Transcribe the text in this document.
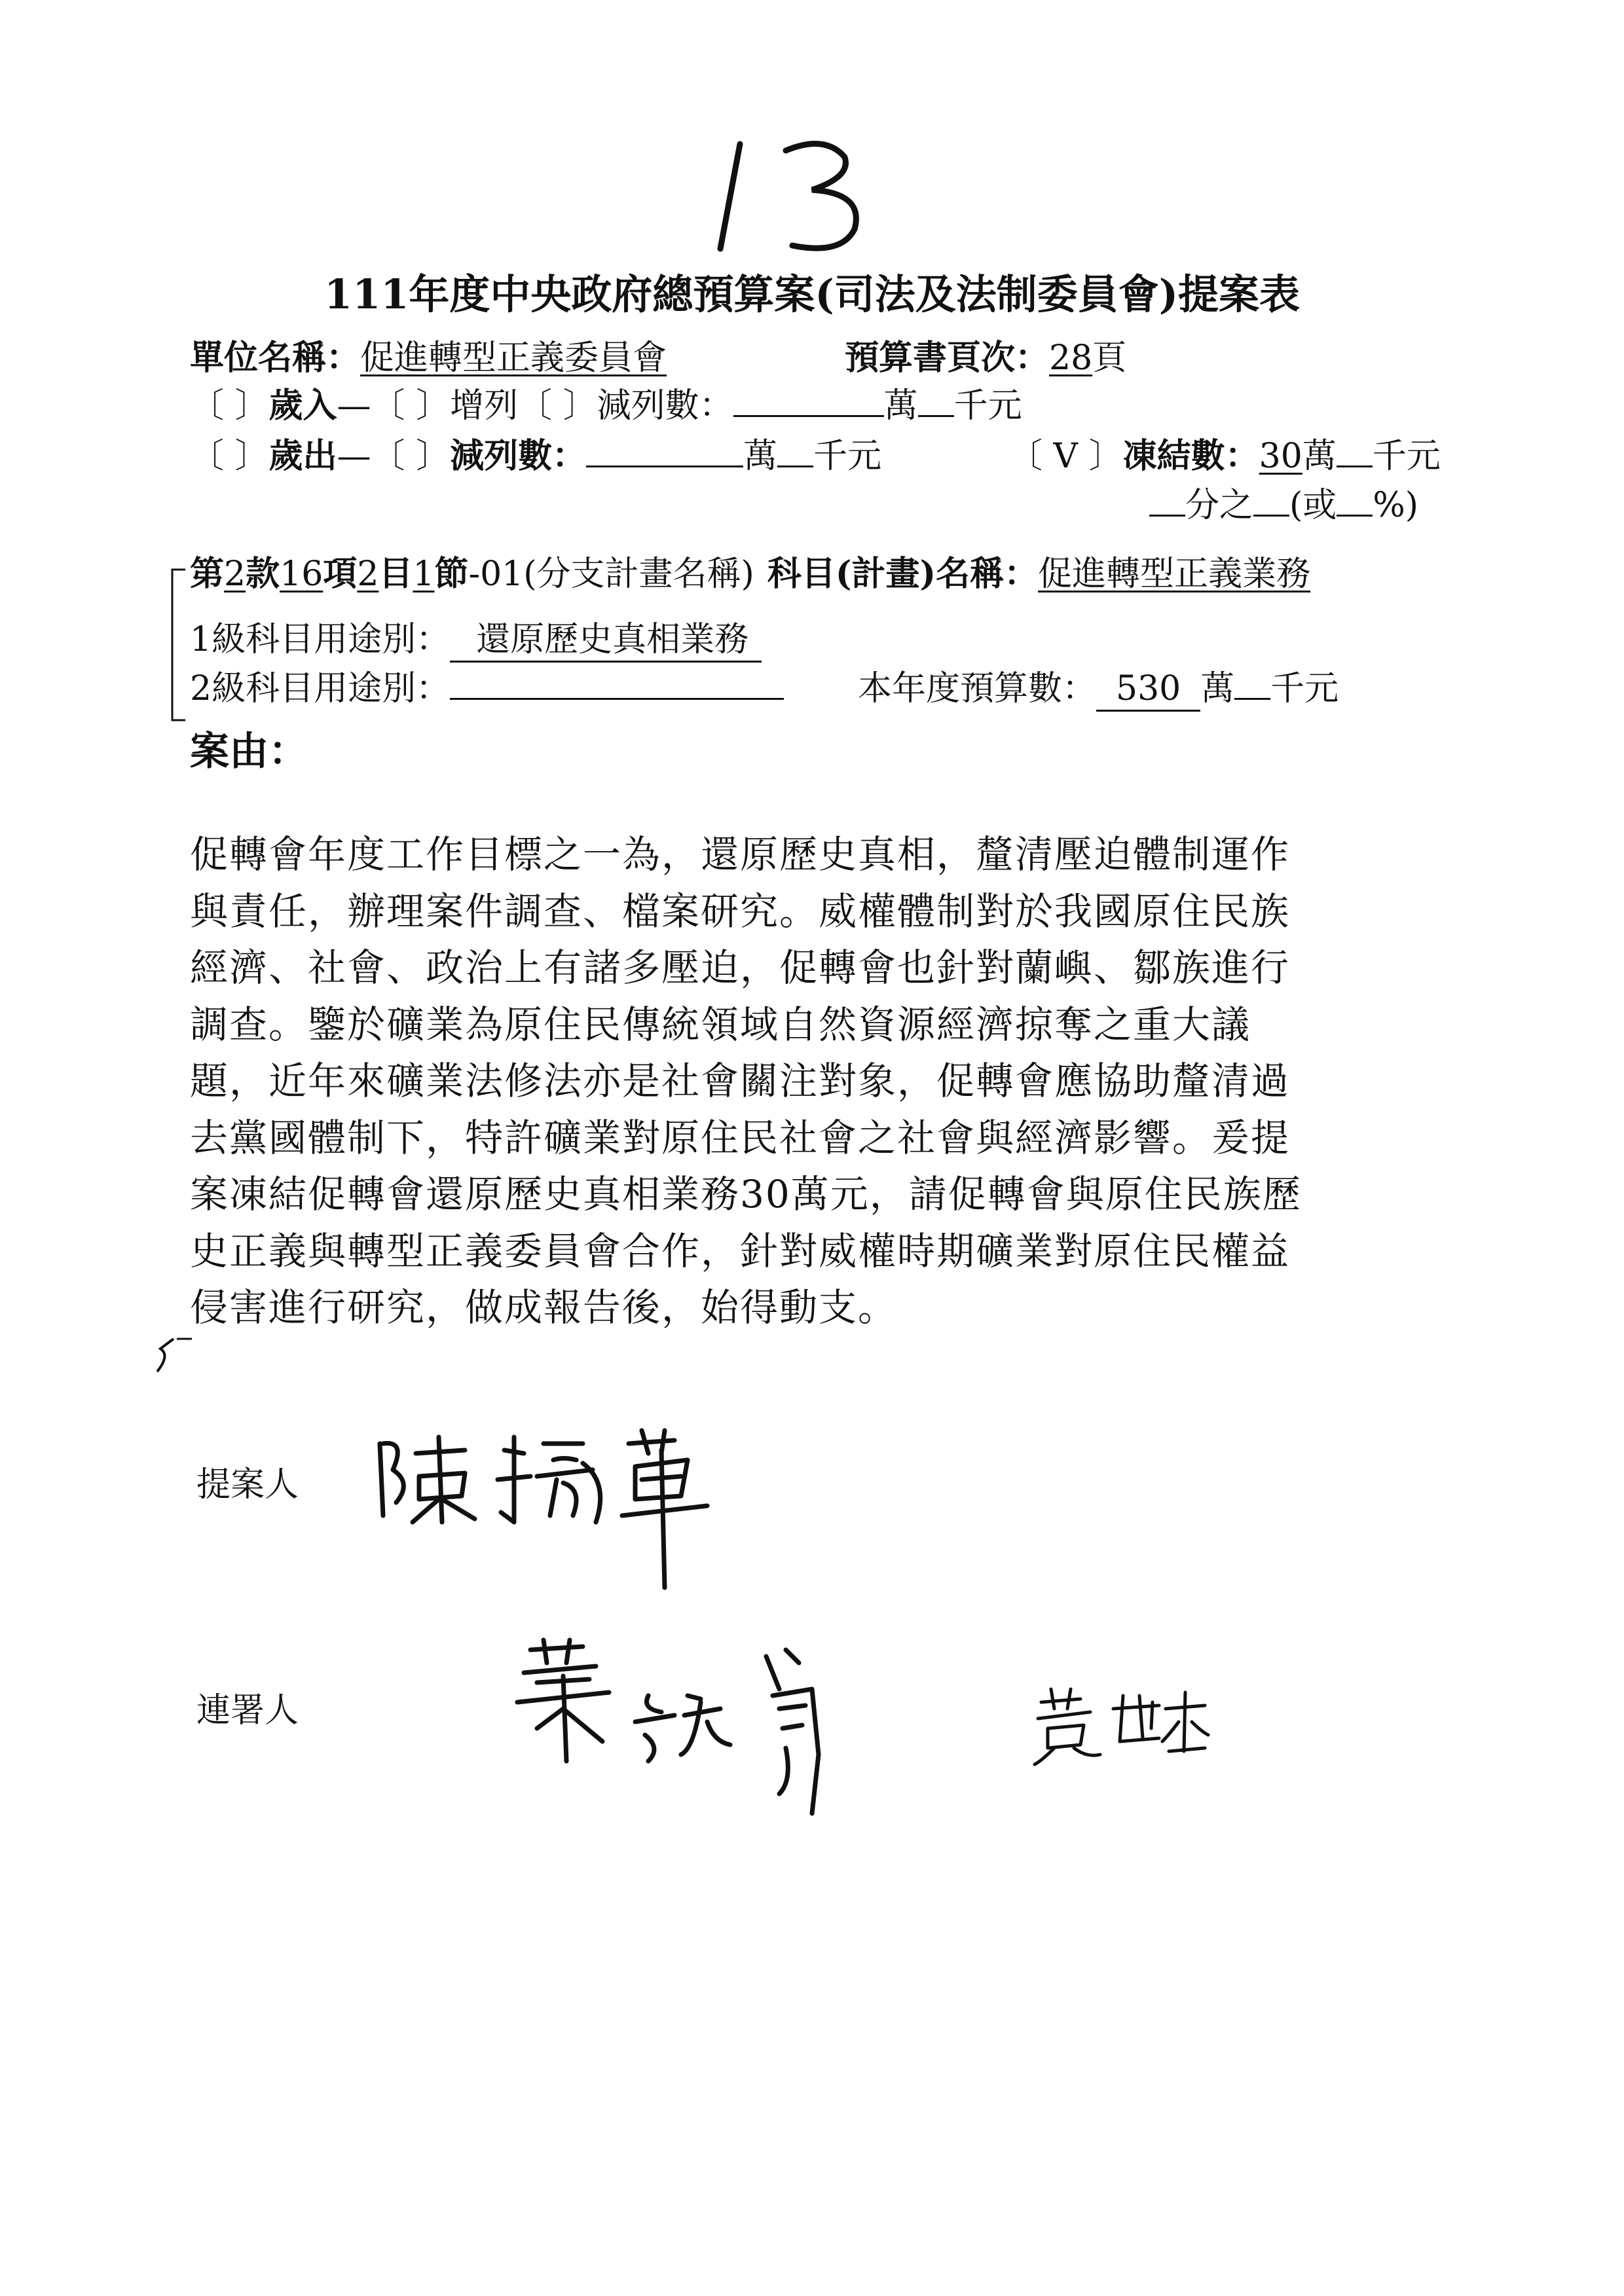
111年度中央政府總預算案(司法及法制委員會)提案表
單位名稱：促進轉型正義委員會	預算書頁次：28頁
〔 〕歲入—〔 〕增列〔 〕減列數：	萬 千元
〔 〕歲出—〔 〕減列數：	萬 千元	〔 V 〕凍結數：30萬 千元
分之 (或 %)
第2款16項2目1節-01(分支計畫名稱) 科目(計畫)名稱：促進轉型正義業務
1級科目用途別： 還原歷史真相業務
2級科目用途別：	本年度預算數： 530 萬 千元
案由：
促轉會年度工作目標之一為，還原歷史真相，釐清壓迫體制運作
與責任，辦理案件調查、檔案研究。威權體制對於我國原住民族
經濟、社會、政治上有諸多壓迫，促轉會也針對蘭嶼、鄒族進行
調查。鑒於礦業為原住民傳統領域自然資源經濟掠奪之重大議
題，近年來礦業法修法亦是社會關注對象，促轉會應協助釐清過
去黨國體制下，特許礦業對原住民社會之社會與經濟影響。爰提
案凍結促轉會還原歷史真相業務30萬元，請促轉會與原住民族歷
史正義與轉型正義委員會合作，針對威權時期礦業對原住民權益
侵害進行研究，做成報告後，始得動支。
提案人
連署人
